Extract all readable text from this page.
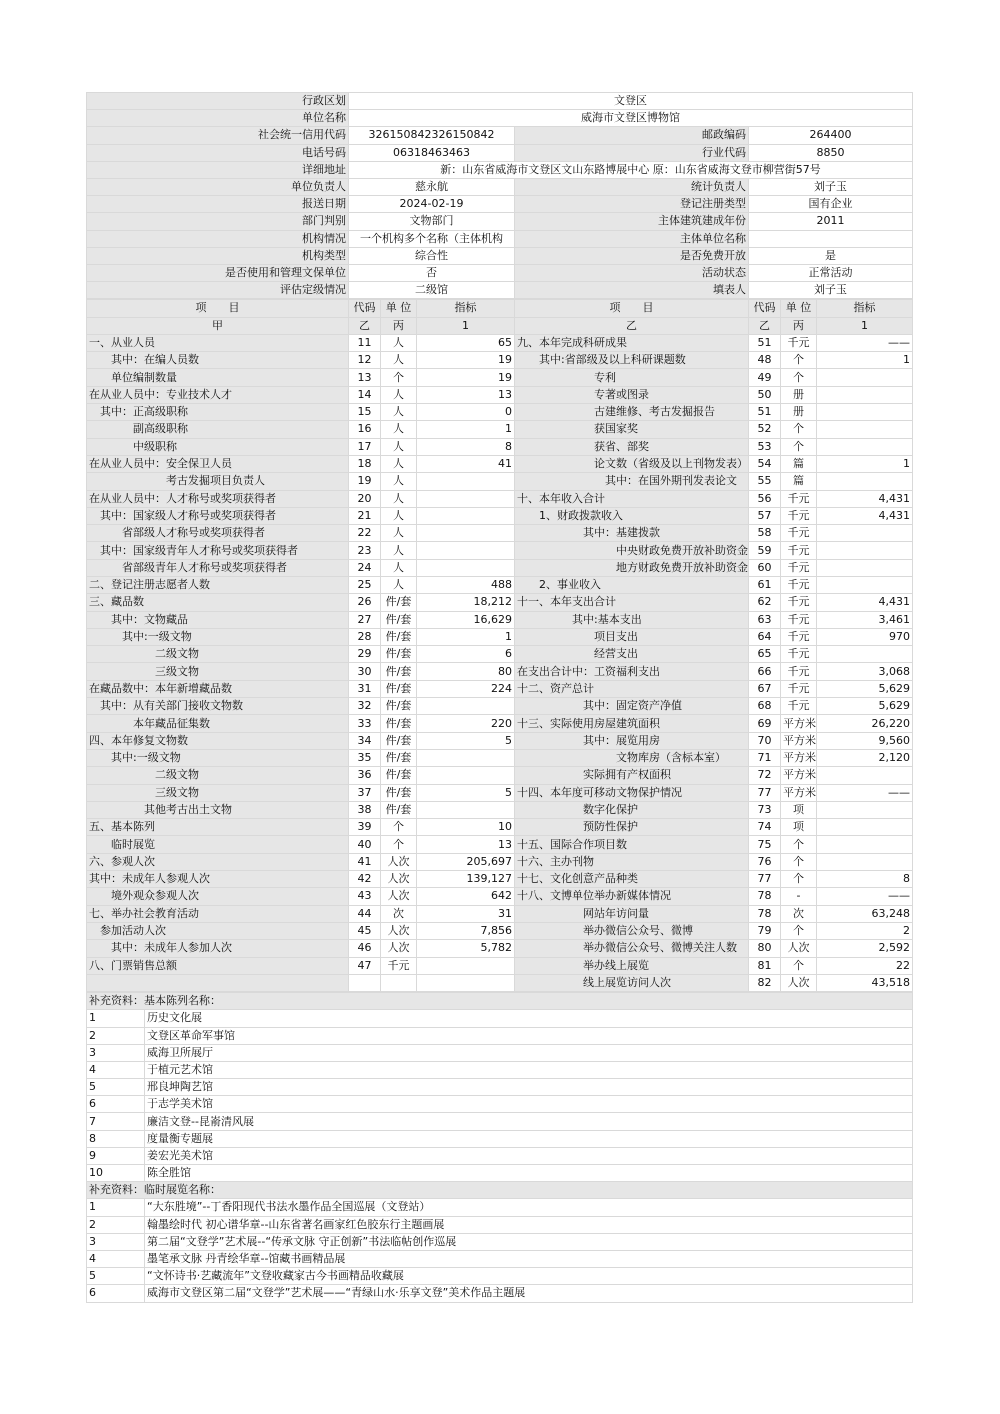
行政区划	文登区		
单位名称	威海市文登区博物馆		
社会统一信用代码	326150842326150842	邮政编码	264400
电话号码	06318463463	行业代码	8850
详细地址	新：山东省威海市文登区文山东路博展中心 原：山东省威海文登市柳营街57号		
单位负责人	慈永航	统计负责人	刘子玉
报送日期	2024-02-19	登记注册类型	国有企业
部门判别	文物部门	主体建筑建成年份	2011
机构情况	一个机构多个名称（主体机构	主体单位名称	
机构类型	综合性	是否免费开放	是
是否使用和管理文保单位	否	活动状态	正常活动
评估定级情况	二级馆	填表人	刘子玉
项　　目	代码	单 位	指标	项　　目	代码	单 位	指标
甲	乙	丙	1	乙	乙	丙	1
一、从业人员	11	人	65	九、本年完成科研成果	51	千元	——
　　其中：在编人员数	12	人	19	　　其中:省部级及以上科研课题数	48	个	1
　　单位编制数量	13	个	19	　　　　　　　专利	49	个	
在从业人员中：专业技术人才	14	人	13	　　　　　　　专著或图录	50	册	
　其中：正高级职称	15	人	0	　　　　　　　古建维修、考古发掘报告	51	册	
　　　　副高级职称	16	人	1	　　　　　　　获国家奖	52	个	
　　　　中级职称	17	人	8	　　　　　　　获省、部奖	53	个	
在从业人员中：安全保卫人员	18	人	41	　　　　　　　论文数（省级及以上刊物发表）	54	篇	1
　　　　　　　考古发掘项目负责人	19	人		　　　　　　　　其中：在国外期刊发表论文	55	篇	
在从业人员中：人才称号或奖项获得者	20	人		十、本年收入合计	56	千元	4,431
　其中：国家级人才称号或奖项获得者	21	人		　　1、财政拨款收入	57	千元	4,431
　　　省部级人才称号或奖项获得者	22	人		　　　　　　其中：基建拨款	58	千元	
　其中：国家级青年人才称号或奖项获得者	23	人		　　　　　　　　　中央财政免费开放补助资金	59	千元	
　　　省部级青年人才称号或奖项获得者	24	人		　　　　　　　　　地方财政免费开放补助资金	60	千元	
二、登记注册志愿者人数	25	人	488	　　2、事业收入	61	千元	
三、藏品数	26	件/套	18,212	十一、本年支出合计	62	千元	4,431
　　其中：文物藏品	27	件/套	16,629	　　　　　其中:基本支出	63	千元	3,461
　　　其中:一级文物	28	件/套	1	　　　　　　　项目支出	64	千元	970
　　　　　　二级文物	29	件/套	6	　　　　　　　经营支出	65	千元	
　　　　　　三级文物	30	件/套	80	在支出合计中：工资福利支出	66	千元	3,068
在藏品数中：本年新增藏品数	31	件/套	224	十二、资产总计	67	千元	5,629
　其中：从有关部门接收文物数	32	件/套		　　　　　　其中：固定资产净值	68	千元	5,629
　　　　本年藏品征集数	33	件/套	220	十三、实际使用房屋建筑面积	69	平方米	26,220
四、本年修复文物数	34	件/套	5	　　　　　　其中：展览用房	70	平方米	9,560
　　其中:一级文物	35	件/套		　　　　　　　　　文物库房（含标本室）	71	平方米	2,120
　　　　　　二级文物	36	件/套		　　　　　　实际拥有产权面积	72	平方米	
　　　　　　三级文物	37	件/套	5	十四、本年度可移动文物保护情况	77	平方米	——
　　　　　其他考古出土文物	38	件/套		　　　　　　数字化保护	73	项	
五、基本陈列	39	个	10	　　　　　　预防性保护	74	项	
　　临时展览	40	个	13	十五、国际合作项目数	75	个	
六、参观人次	41	人次	205,697	十六、主办刊物	76	个	
其中：未成年人参观人次	42	人次	139,127	十七、文化创意产品种类	77	个	8
　　境外观众参观人次	43	人次	642	十八、文博单位举办新媒体情况	78	-	——
七、举办社会教育活动	44	次	31	　　　　　　网站年访问量	78	次	63,248
　参加活动人次	45	人次	7,856	　　　　　　举办微信公众号、微博	79	个	2
　　其中：未成年人参加人次	46	人次	5,782	　　　　　　举办微信公众号、微博关注人数	80	人次	2,592
八、门票销售总额	47	千元		　　　　　　举办线上展览	81	个	22
				　　　　　　线上展览访问人次	82	人次	43,518
补充资料：基本陈列名称：	
1	历史文化展
2	文登区革命军事馆
3	威海卫所展厅
4	于植元艺术馆
5	邢良坤陶艺馆
6	于志学美术馆
7	廉洁文登--昆嵛清风展
8	度量衡专题展
9	姜宏光美术馆
10	陈全胜馆
补充资料：临时展览名称：	
1	“大东胜境”--丁香阳现代书法水墨作品全国巡展（文登站）
2	翰墨绘时代 初心谱华章--山东省著名画家红色胶东行主题画展
3	第二届“文登学”艺术展--“传承文脉 守正创新”书法临帖创作巡展
4	墨笔承文脉 丹青绘华章--馆藏书画精品展
5	“文怀诗书·艺藏流年”文登收藏家古今书画精品收藏展
6	威海市文登区第二届“文登学”艺术展——“青绿山水·乐享文登”美术作品主题展
